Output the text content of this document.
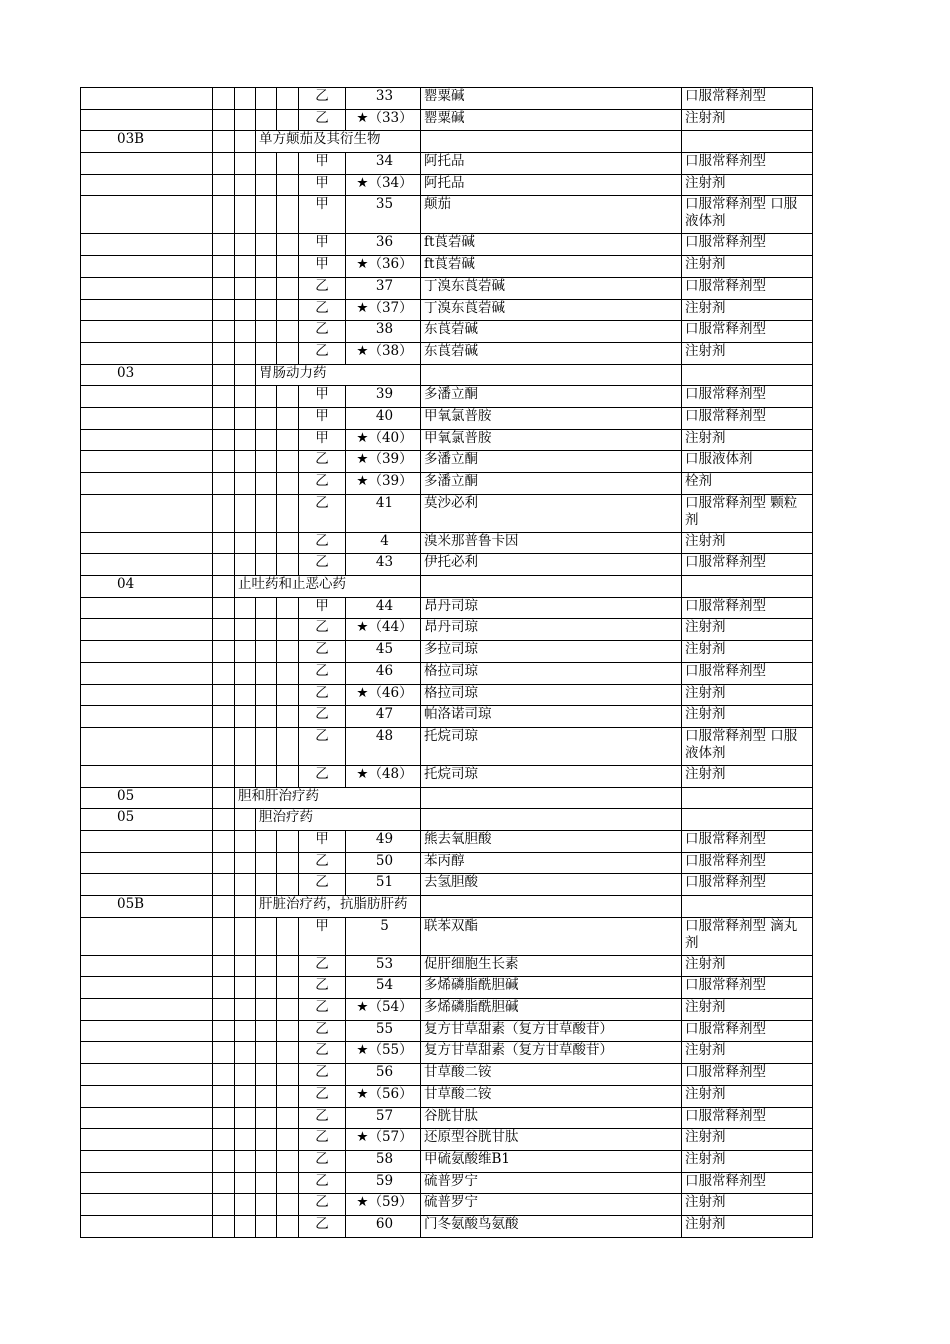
					乙	33	罂粟碱	口服常释剂型
					乙	★（33）	罂粟碱	注射剂
03B			单方颠茄及其衍生物					
					甲	34	阿托品	口服常释剂型
					甲	★（34）	阿托品	注射剂
					甲	35	颠茄	口服常释剂型 口服液体剂
					甲	36	ft莨菪碱	口服常释剂型
					甲	★（36）	ft莨菪碱	注射剂
					乙	37	丁溴东莨菪碱	口服常释剂型
					乙	★（37）	丁溴东莨菪碱	注射剂
					乙	38	东莨菪碱	口服常释剂型
					乙	★（38）	东莨菪碱	注射剂
03			胃肠动力药					
					甲	39	多潘立酮	口服常释剂型
					甲	40	甲氧氯普胺	口服常释剂型
					甲	★（40）	甲氧氯普胺	注射剂
					乙	★（39）	多潘立酮	口服液体剂
					乙	★（39）	多潘立酮	栓剂
					乙	41	莫沙必利	口服常释剂型 颗粒剂
					乙	4	溴米那普鲁卡因	注射剂
					乙	43	伊托必利	口服常释剂型
04		止吐药和止恶心药						
					甲	44	昂丹司琼	口服常释剂型
					乙	★（44）	昂丹司琼	注射剂
					乙	45	多拉司琼	注射剂
					乙	46	格拉司琼	口服常释剂型
					乙	★（46）	格拉司琼	注射剂
					乙	47	帕洛诺司琼	注射剂
					乙	48	托烷司琼	口服常释剂型 口服液体剂
					乙	★（48）	托烷司琼	注射剂
05		胆和肝治疗药						
05			胆治疗药					
					甲	49	熊去氧胆酸	口服常释剂型
					乙	50	苯丙醇	口服常释剂型
					乙	51	去氢胆酸	口服常释剂型
05B			肝脏治疗药，抗脂肪肝药					
					甲	5	联苯双酯	口服常释剂型 滴丸剂
					乙	53	促肝细胞生长素	注射剂
					乙	54	多烯磷脂酰胆碱	口服常释剂型
					乙	★（54）	多烯磷脂酰胆碱	注射剂
					乙	55	复方甘草甜素（复方甘草酸苷）	口服常释剂型
					乙	★（55）	复方甘草甜素（复方甘草酸苷）	注射剂
					乙	56	甘草酸二铵	口服常释剂型
					乙	★（56）	甘草酸二铵	注射剂
					乙	57	谷胱甘肽	口服常释剂型
					乙	★（57）	还原型谷胱甘肽	注射剂
					乙	58	甲硫氨酸维B1	注射剂
					乙	59	硫普罗宁	口服常释剂型
					乙	★（59）	硫普罗宁	注射剂
					乙	60	门冬氨酸鸟氨酸	注射剂
